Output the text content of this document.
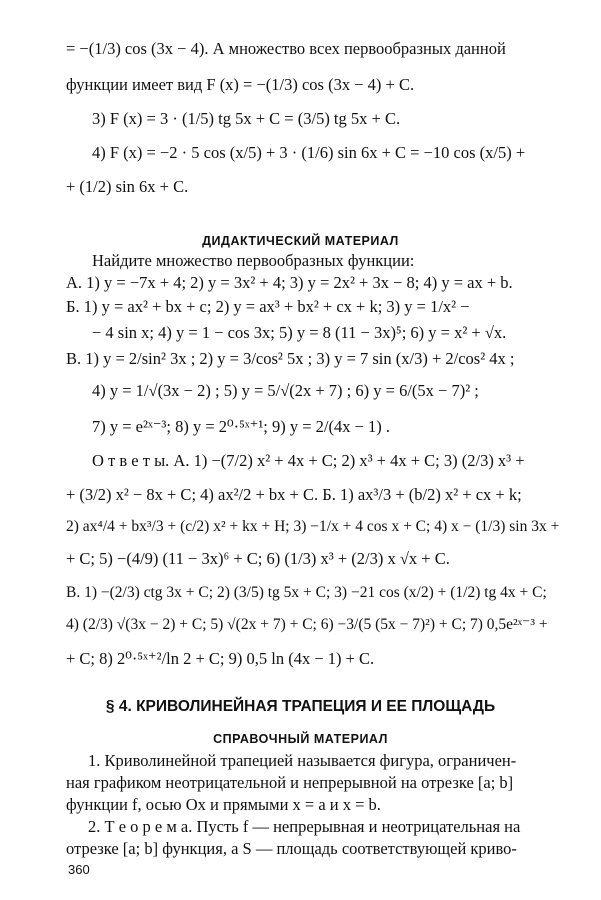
= −(1/3) cos (3x − 4). А множество всех первообразных данной
функции имеет вид F (x) = −(1/3) cos (3x − 4) + C.
3) F (x) = 3 · (1/5) tg 5x + C = (3/5) tg 5x + C.
4) F (x) = −2 · 5 cos (x/5) + 3 · (1/6) sin 6x + C = −10 cos (x/5) +
+ (1/2) sin 6x + C.
ДИДАКТИЧЕСКИЙ МАТЕРИАЛ
Найдите множество первообразных функции:
А. 1) y = −7x + 4; 2) y = 3x² + 4; 3) y = 2x² + 3x − 8; 4) y = ax + b.
Б. 1) y = ax² + bx + c; 2) y = ax³ + bx² + cx + k; 3) y = 1/x² −
− 4 sin x; 4) y = 1 − cos 3x; 5) y = 8 (11 − 3x)⁵; 6) y = x² + √x.
В. 1) y = 2/sin² 3x ; 2) y = 3/cos² 5x ; 3) y = 7 sin (x/3) + 2/cos² 4x ;
4) y = 1/√(3x − 2) ; 5) y = 5/√(2x + 7) ; 6) y = 6/(5x − 7)² ;
7) y = e²ˣ⁻³; 8) y = 2⁰·⁵ˣ⁺¹; 9) y = 2/(4x − 1) .
О т в е т ы. А. 1) −(7/2) x² + 4x + C; 2) x³ + 4x + C; 3) (2/3) x³ +
+ (3/2) x² − 8x + C; 4) ax²/2 + bx + C. Б. 1) ax³/3 + (b/2) x² + cx + k;
2) ax⁴/4 + bx³/3 + (c/2) x² + kx + H; 3) −1/x + 4 cos x + C; 4) x − (1/3) sin 3x +
+ C; 5) −(4/9) (11 − 3x)⁶ + C; 6) (1/3) x³ + (2/3) x √x + C.
В. 1) −(2/3) ctg 3x + C; 2) (3/5) tg 5x + C; 3) −21 cos (x/2) + (1/2) tg 4x + C;
4) (2/3) √(3x − 2) + C; 5) √(2x + 7) + C; 6) −3/(5 (5x − 7)²) + C; 7) 0,5e²ˣ⁻³ +
+ C; 8) 2⁰·⁵ˣ⁺²/ln 2 + C; 9) 0,5 ln (4x − 1) + C.
§ 4. КРИВОЛИНЕЙНАЯ ТРАПЕЦИЯ И ЕЕ ПЛОЩАДЬ
СПРАВОЧНЫЙ МАТЕРИАЛ
1. Криволинейной трапецией называется фигура, ограничен-
ная графиком неотрицательной и непрерывной на отрезке [a; b]
функции f, осью Ox и прямыми x = a и x = b.
2. Т е о р е м а. Пусть f — непрерывная и неотрицательная на
отрезке [a; b] функция, а S — площадь соответствующей криво-
360
